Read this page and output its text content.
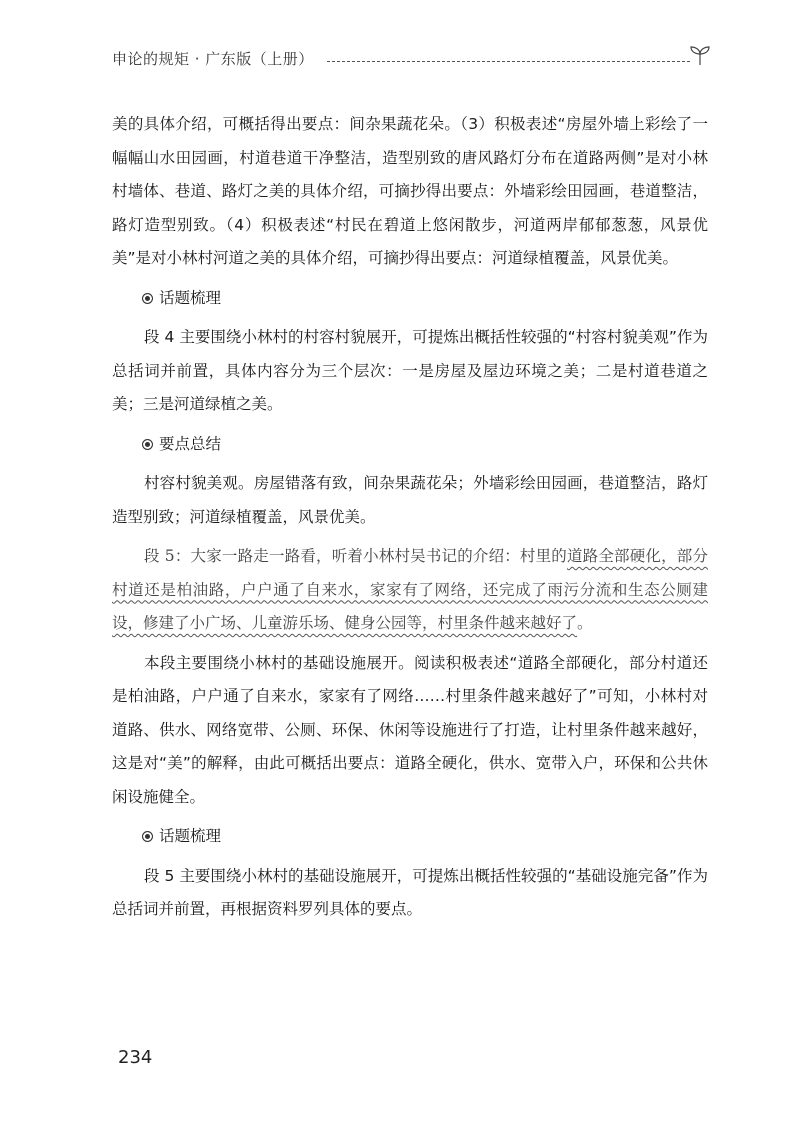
申论的规矩 · 广东版（上册）

美的具体介绍，可概括得出要点：间杂果蔬花朵。（3）积极表述“房屋外墙上彩绘了一幅幅山水田园画，村道巷道干净整洁，造型别致的唐风路灯分布在道路两侧”是对小林村墙体、巷道、路灯之美的具体介绍，可摘抄得出要点：外墙彩绘田园画，巷道整洁，路灯造型别致。（4）积极表述“村民在碧道上悠闲散步，河道两岸郁郁葱葱，风景优美”是对小林村河道之美的具体介绍，可摘抄得出要点：河道绿植覆盖，风景优美。

话题梳理

段 4 主要围绕小林村的村容村貌展开，可提炼出概括性较强的“村容村貌美观”作为总括词并前置，具体内容分为三个层次：一是房屋及屋边环境之美；二是村道巷道之美；三是河道绿植之美。

要点总结

村容村貌美观。房屋错落有致，间杂果蔬花朵；外墙彩绘田园画，巷道整洁，路灯造型别致；河道绿植覆盖，风景优美。

段 5：大家一路走一路看，听着小林村吴书记的介绍：村里的道路全部硬化，部分村道还是柏油路，户户通了自来水，家家有了网络，还完成了雨污分流和生态公厕建设，修建了小广场、儿童游乐场、健身公园等，村里条件越来越好了。

本段主要围绕小林村的基础设施展开。阅读积极表述“道路全部硬化，部分村道还是柏油路，户户通了自来水，家家有了网络……村里条件越来越好了”可知，小林村对道路、供水、网络宽带、公厕、环保、休闲等设施进行了打造，让村里条件越来越好，这是对“美”的解释，由此可概括出要点：道路全硬化，供水、宽带入户，环保和公共休闲设施健全。

话题梳理

段 5 主要围绕小林村的基础设施展开，可提炼出概括性较强的“基础设施完备”作为总括词并前置，再根据资料罗列具体的要点。

234
